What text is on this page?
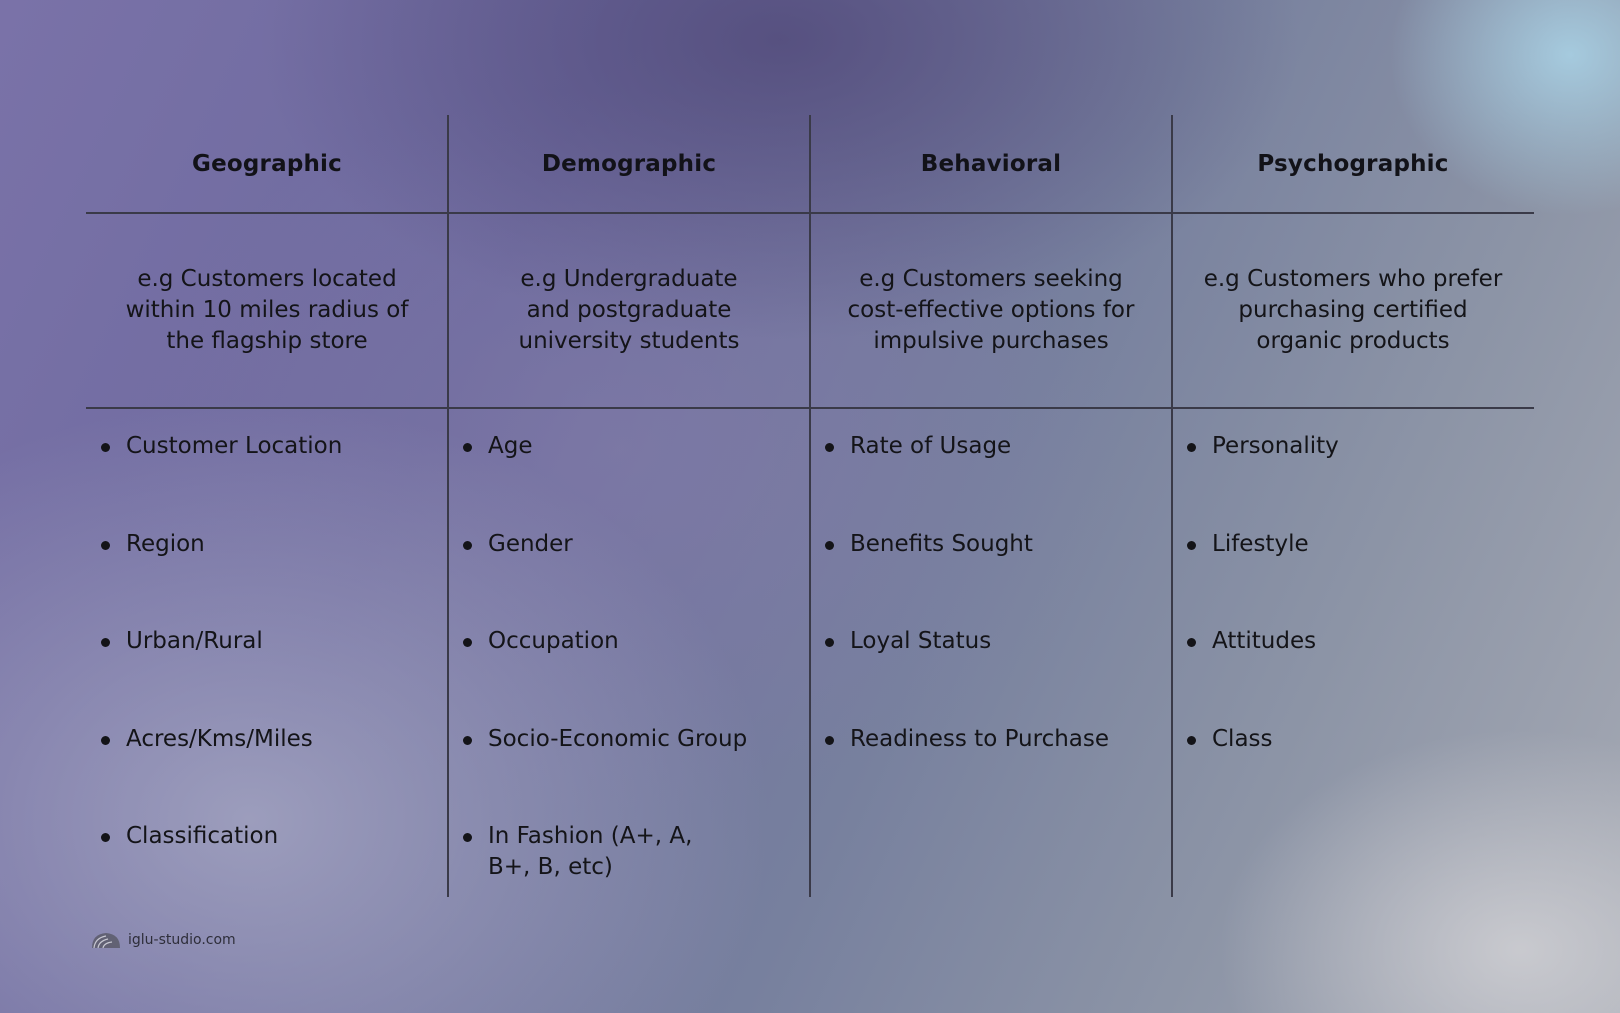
Geographic
e.g Customers located within 10 miles radius of the flagship store
Customer Location
Region
Urban/Rural
Acres/Kms/Miles
Classification
Demographic
e.g Undergraduate and postgraduate university students
Age
Gender
Occupation
Socio-Economic Group
In Fashion (A+, A, B+, B, etc)
Behavioral
e.g Customers seeking cost-effective options for impulsive purchases
Rate of Usage
Benefits Sought
Loyal Status
Readiness to Purchase
Psychographic
e.g Customers who prefer purchasing certified organic products
Personality
Lifestyle
Attitudes
Class
iglu-studio.com
